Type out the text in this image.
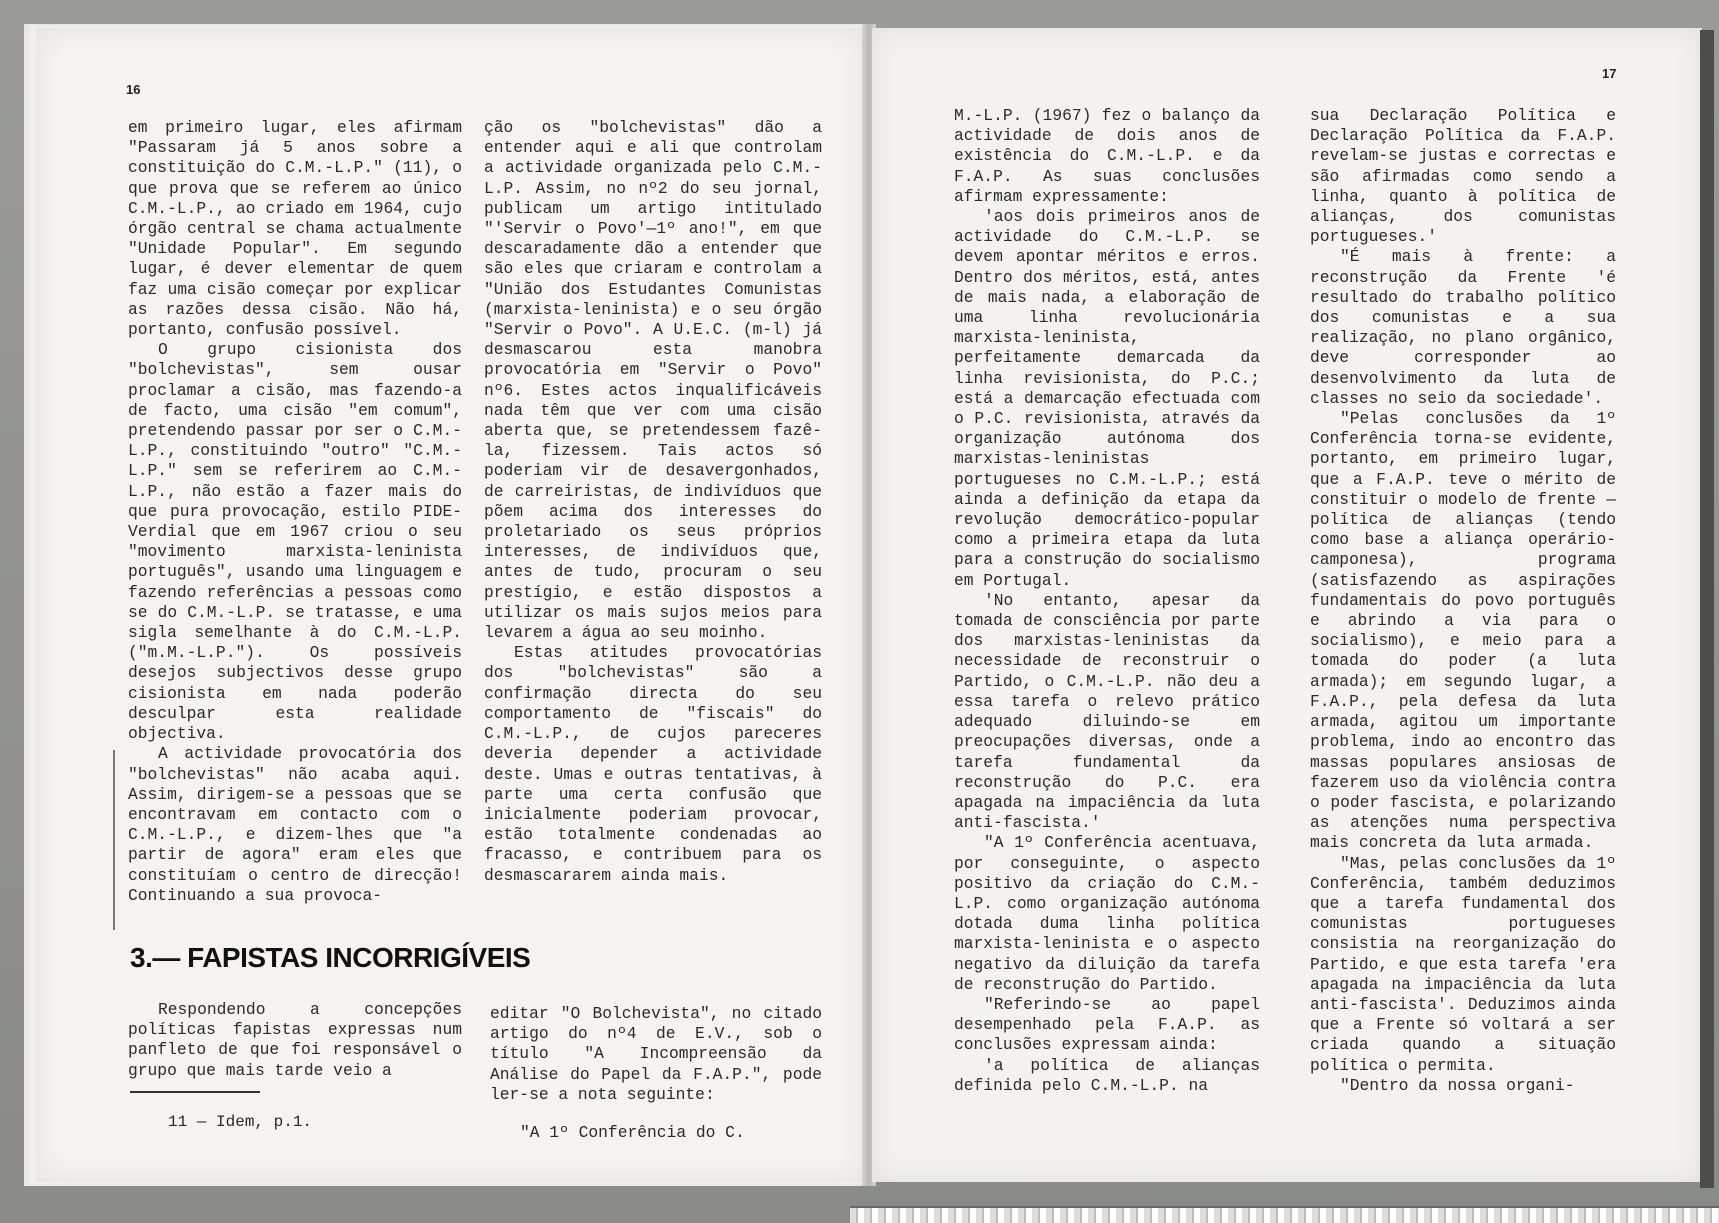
16

em primeiro lugar, eles afirmam "Passaram já 5 anos sobre a constituição do C.M.-L.P." (11), o que prova que se referem ao único C.M.-L.P., ao criado em 1964, cujo órgão central se chama actualmente "Unidade Popular". Em segundo lugar, é dever elementar de quem faz uma cisão começar por explicar as razões dessa cisão. Não há, portanto, confusão possível.

O grupo cisionista dos "bolchevistas", sem ousar proclamar a cisão, mas fazendo-a de facto, uma cisão "em comum", pretendendo passar por ser o C.M.-L.P., constituindo "outro" "C.M.-L.P." sem se referirem ao C.M.-L.P., não estão a fazer mais do que pura provocação, estilo PIDE-Verdial que em 1967 criou o seu "movimento marxista-leninista português", usando uma linguagem e fazendo referências a pessoas como se do C.M.-L.P. se tratasse, e uma sigla semelhante à do C.M.-L.P. ("m.M.-L.P."). Os possíveis desejos subjectivos desse grupo cisionista em nada poderão desculpar esta realidade objectiva.

A actividade provocatória dos "bolchevistas" não acaba aqui. Assim, dirigem-se a pessoas que se encontravam em contacto com o C.M.-L.P., e dizem-lhes que "a partir de agora" eram eles que constituíam o centro de direcção! Continuando a sua provoca-

ção os "bolchevistas" dão a entender aqui e ali que controlam a actividade organizada pelo C.M.-L.P. Assim, no nº2 do seu jornal, publicam um artigo intitulado "'Servir o Povo'—1º ano!", em que descaradamente dão a entender que são eles que criaram e controlam a "União dos Estudantes Comunistas (marxista-leninista) e o seu órgão "Servir o Povo". A U.E.C. (m-l) já desmascarou esta manobra provocatória em "Servir o Povo" nº6. Estes actos inqualificáveis nada têm que ver com uma cisão aberta que, se pretendessem fazê-la, fizessem. Tais actos só poderiam vir de desavergonhados, de carreiristas, de indivíduos que põem acima dos interesses do proletariado os seus próprios interesses, de indivíduos que, antes de tudo, procuram o seu prestígio, e estão dispostos a utilizar os mais sujos meios para levarem a água ao seu moinho.

Estas atitudes provocatórias dos "bolchevistas" são a confirmação directa do seu comportamento de "fiscais" do C.M.-L.P., de cujos pareceres deveria depender a actividade deste. Umas e outras tentativas, à parte uma certa confusão que inicialmente poderiam provocar, estão totalmente condenadas ao fracasso, e contribuem para os desmascararem ainda mais.

3.— FAPISTAS INCORRIGÍVEIS

Respondendo a concepções políticas fapistas expressas num panfleto de que foi responsável o grupo que mais tarde veio a

editar "O Bolchevista", no citado artigo do nº4 de E.V., sob o título "A Incompreensão da Análise do Papel da F.A.P.", pode ler-se a nota seguinte:

"A 1º Conferência do C.

11 — Idem, p.1.
17

M.-L.P. (1967) fez o balanço da actividade de dois anos de existência do C.M.-L.P. e da F.A.P. As suas conclusões afirmam expressamente:

'aos dois primeiros anos de actividade do C.M.-L.P. se devem apontar méritos e erros. Dentro dos méritos, está, antes de mais nada, a elaboração de uma linha revolucionária marxista-leninista, perfeitamente demarcada da linha revisionista, do P.C.; está a demarcação efectuada com o P.C. revisionista, através da organização autónoma dos marxistas-leninistas portugueses no C.M.-L.P.; está ainda a definição da etapa da revolução democrático-popular como a primeira etapa da luta para a construção do socialismo em Portugal.

'No entanto, apesar da tomada de consciência por parte dos marxistas-leninistas da necessidade de reconstruir o Partido, o C.M.-L.P. não deu a essa tarefa o relevo prático adequado diluindo-se em preocupações diversas, onde a tarefa fundamental da reconstrução do P.C. era apagada na impaciência da luta anti-fascista.'

"A 1º Conferência acentuava, por conseguinte, o aspecto positivo da criação do C.M.-L.P. como organização autónoma dotada duma linha política marxista-leninista e o aspecto negativo da diluição da tarefa de reconstrução do Partido.

"Referindo-se ao papel desempenhado pela F.A.P. as conclusões expressam ainda:

'a política de alianças definida pelo C.M.-L.P. na

sua Declaração Política e Declaração Política da F.A.P. revelam-se justas e correctas e são afirmadas como sendo a linha, quanto à política de alianças, dos comunistas portugueses.'

"É mais à frente: a reconstrução da Frente 'é resultado do trabalho político dos comunistas e a sua realização, no plano orgânico, deve corresponder ao desenvolvimento da luta de classes no seio da sociedade'.

"Pelas conclusões da 1º Conferência torna-se evidente, portanto, em primeiro lugar, que a F.A.P. teve o mérito de constituir o modelo de frente — política de alianças (tendo como base a aliança operário-camponesa), programa (satisfazendo as aspirações fundamentais do povo português e abrindo a via para o socialismo), e meio para a tomada do poder (a luta armada); em segundo lugar, a F.A.P., pela defesa da luta armada, agitou um importante problema, indo ao encontro das massas populares ansiosas de fazerem uso da violência contra o poder fascista, e polarizando as atenções numa perspectiva mais concreta da luta armada.

"Mas, pelas conclusões da 1º Conferência, também deduzimos que a tarefa fundamental dos comunistas portugueses consistia na reorganização do Partido, e que esta tarefa 'era apagada na impaciência da luta anti-fascista'. Deduzimos ainda que a Frente só voltará a ser criada quando a situação política o permita.

"Dentro da nossa organi-
